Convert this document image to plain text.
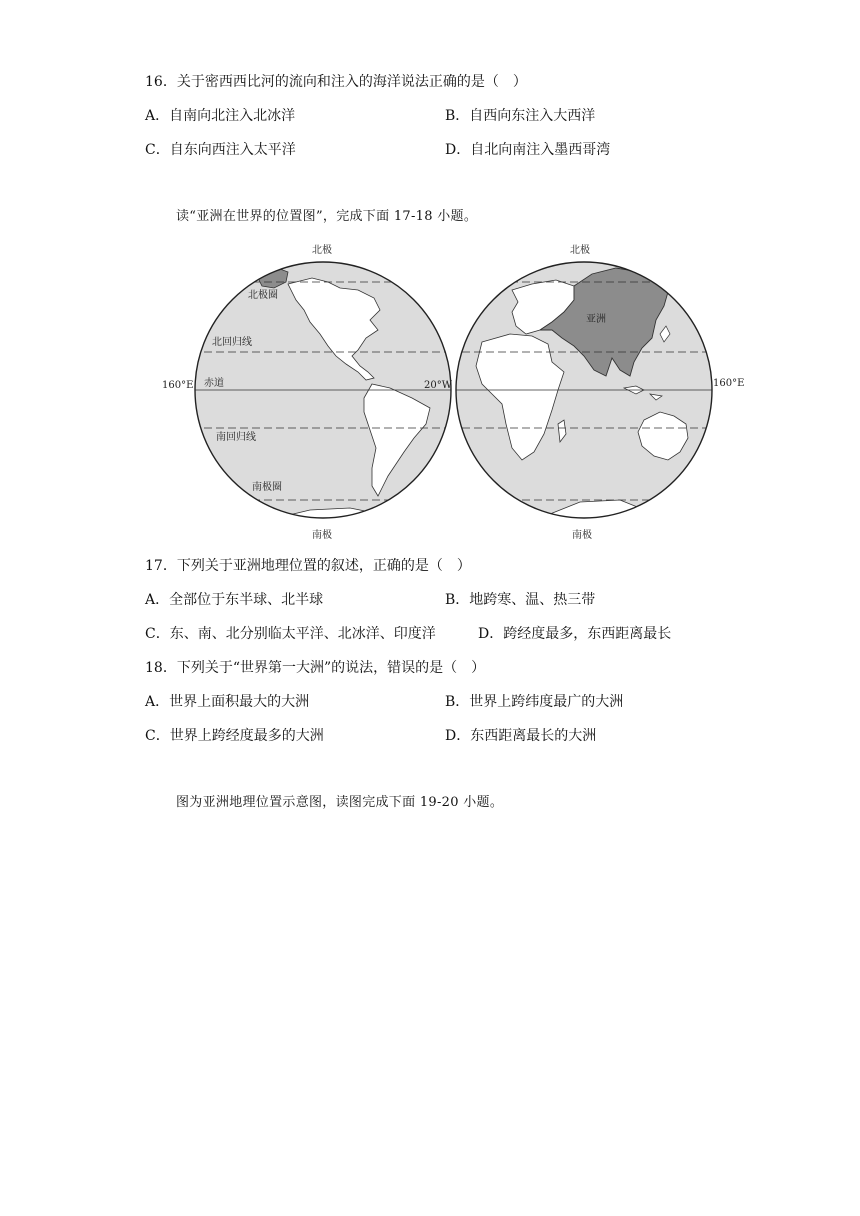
16．关于密西西比河的流向和注入的海洋说法正确的是（　）
A．自南向北注入北冰洋	B．自西向东注入大西洋
C．自东向西注入太平洋	D．自北向南注入墨西哥湾
读“亚洲在世界的位置图”，完成下面 17-18 小题。
北极
南极
北极圈
北回归线
赤道
南回归线
南极圈
160°E	20°W
北极
南极
亚洲
160°E
17．下列关于亚洲地理位置的叙述，正确的是（　）
A．全部位于东半球、北半球	B．地跨寒、温、热三带
C．东、南、北分别临太平洋、北冰洋、印度洋	D．跨经度最多，东西距离最长
18．下列关于“世界第一大洲”的说法，错误的是（　）
A．世界上面积最大的大洲	B．世界上跨纬度最广的大洲
C．世界上跨经度最多的大洲	D．东西距离最长的大洲
图为亚洲地理位置示意图，读图完成下面 19-20 小题。
